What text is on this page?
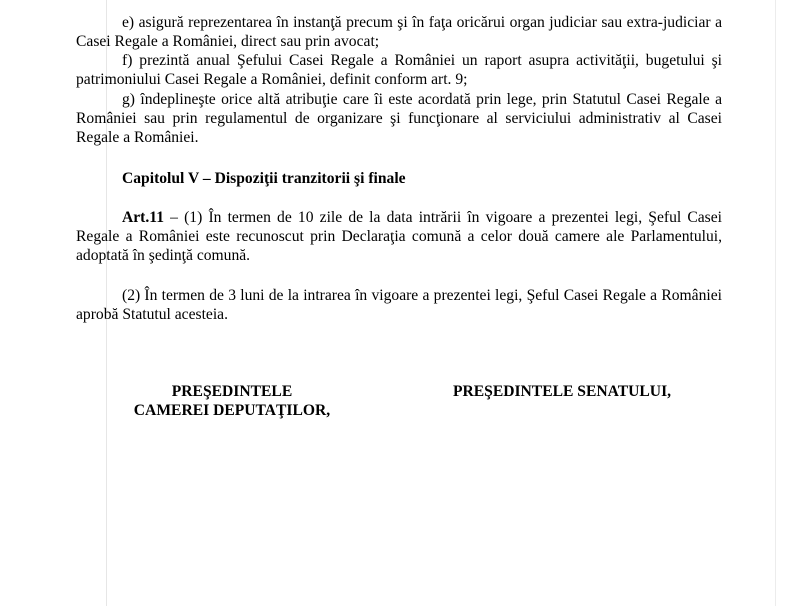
e) asigură reprezentarea în instanţă precum şi în faţa oricărui organ judiciar sau extra-judiciar a Casei Regale a României, direct sau prin avocat;

f) prezintă anual Şefului Casei Regale a României un raport asupra activităţii, bugetului şi patrimoniului Casei Regale a României, definit conform art. 9;

g) îndeplineşte orice altă atribuţie care îi este acordată prin lege, prin Statutul Casei Regale a României sau prin regulamentul de organizare şi funcţionare al serviciului administrativ al Casei Regale a României.

Capitolul V – Dispoziţii tranzitorii şi finale

Art.11 – (1) În termen de 10 zile de la data intrării în vigoare a prezentei legi, Şeful Casei Regale a României este recunoscut prin Declaraţia comună a celor două camere ale Parlamentului, adoptată în şedinţă comună.

(2) În termen de 3 luni de la intrarea în vigoare a prezentei legi, Şeful Casei Regale a României aprobă Statutul acesteia.

PREŞEDINTELE
CAMEREI DEPUTAŢILOR,
PREŞEDINTELE SENATULUI,
